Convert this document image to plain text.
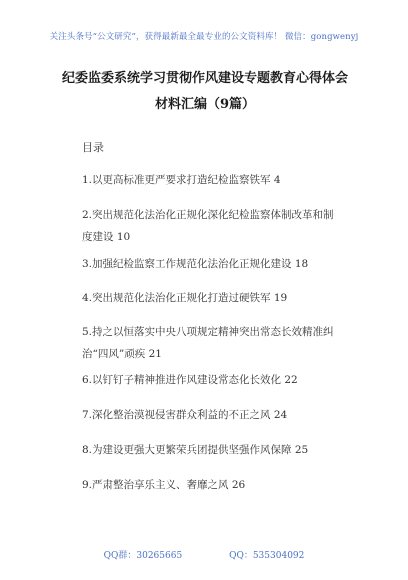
关注头条号“公文研究”，获得最新最全最专业的公文资料库！ 微信：gongwenyj
纪委监委系统学习贯彻作风建设专题教育心得体会材料汇编（9篇）
目录
1.以更高标准更严要求打造纪检监察铁军 4
2.突出规范化法治化正规化深化纪检监察体制改革和制度建设 10
3.加强纪检监察工作规范化法治化正规化建设 18
4.突出规范化法治化正规化打造过硬铁军 19
5.持之以恒落实中央八项规定精神突出常态长效精准纠治“四风”顽疾 21
6.以钉钉子精神推进作风建设常态化长效化 22
7.深化整治漠视侵害群众利益的不正之风 24
8.为建设更强大更繁荣兵团提供坚强作风保障 25
9.严肃整治享乐主义、奢靡之风 26
QQ群：30265665	QQ：535304092
